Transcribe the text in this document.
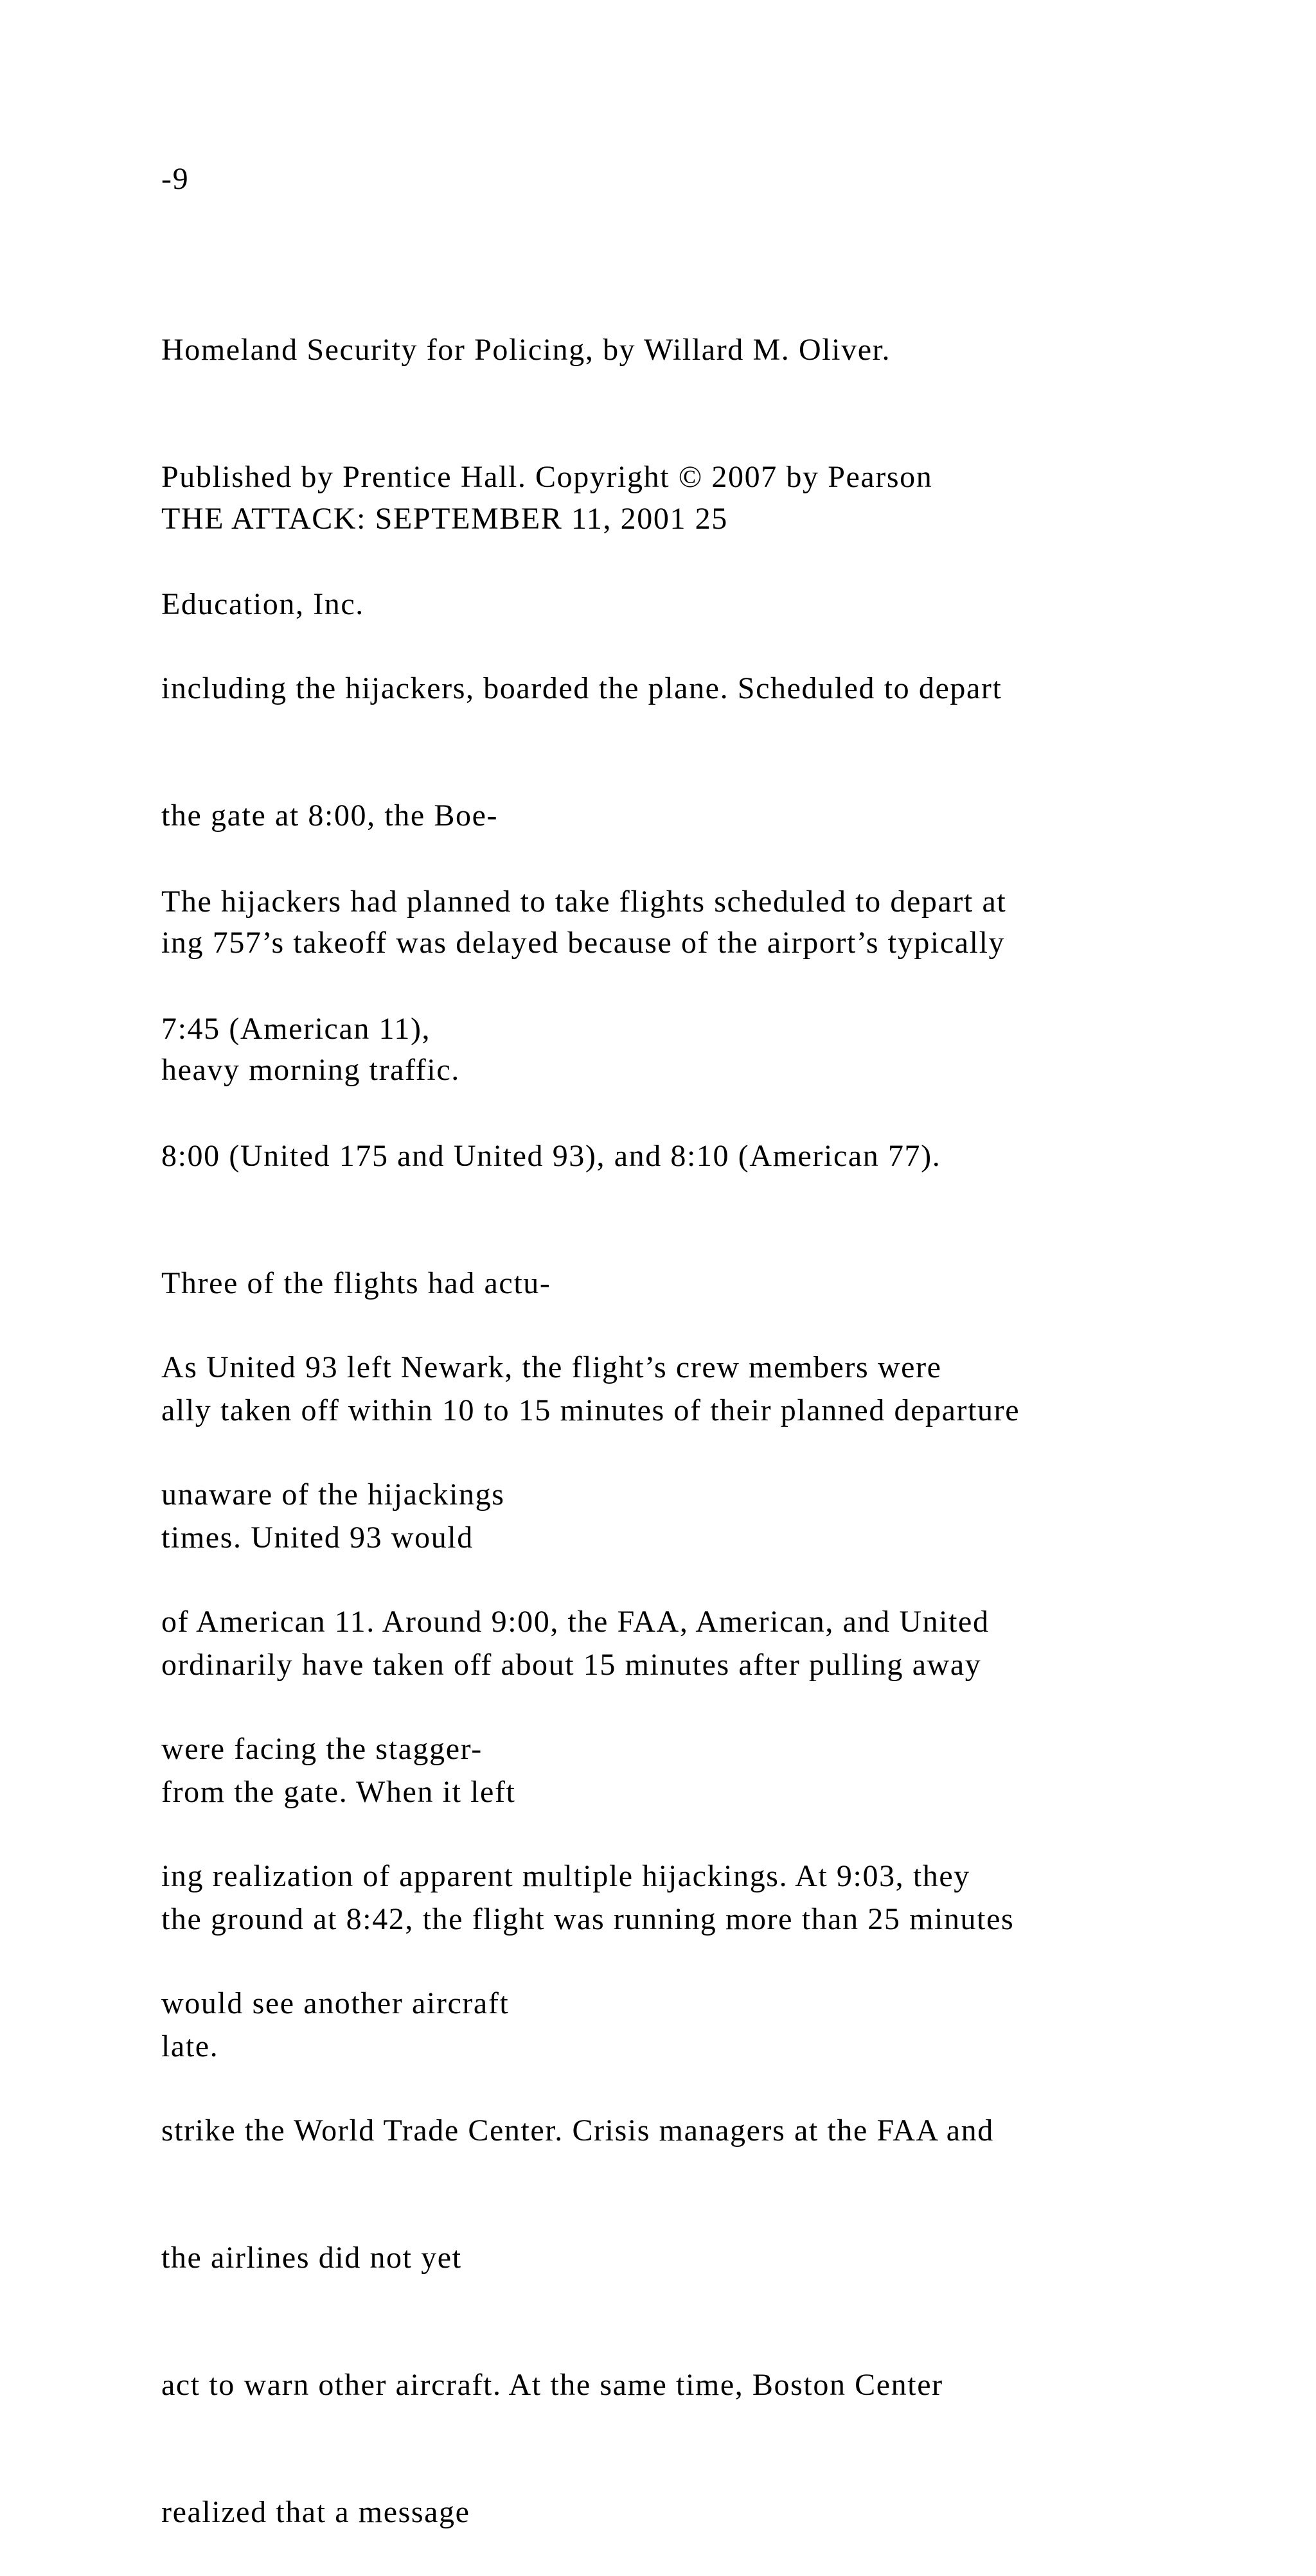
-9

Homeland Security for Policing, by Willard M. Oliver.

Published by Prentice Hall. Copyright © 2007 by Pearson

Education, Inc.

THE ATTACK: SEPTEMBER 11, 2001 25

including the hijackers, boarded the plane. Scheduled to depart

the gate at 8:00, the Boe-

ing 757’s takeoff was delayed because of the airport’s typically

heavy morning traffic.

The hijackers had planned to take flights scheduled to depart at

7:45 (American 11),

8:00 (United 175 and United 93), and 8:10 (American 77).

Three of the flights had actu-

ally taken off within 10 to 15 minutes of their planned departure

times. United 93 would

ordinarily have taken off about 15 minutes after pulling away

from the gate. When it left

the ground at 8:42, the flight was running more than 25 minutes

late.

As United 93 left Newark, the flight’s crew members were

unaware of the hijackings

of American 11. Around 9:00, the FAA, American, and United

were facing the stagger-

ing realization of apparent multiple hijackings. At 9:03, they

would see another aircraft

strike the World Trade Center. Crisis managers at the FAA and

the airlines did not yet

act to warn other aircraft. At the same time, Boston Center

realized that a message
